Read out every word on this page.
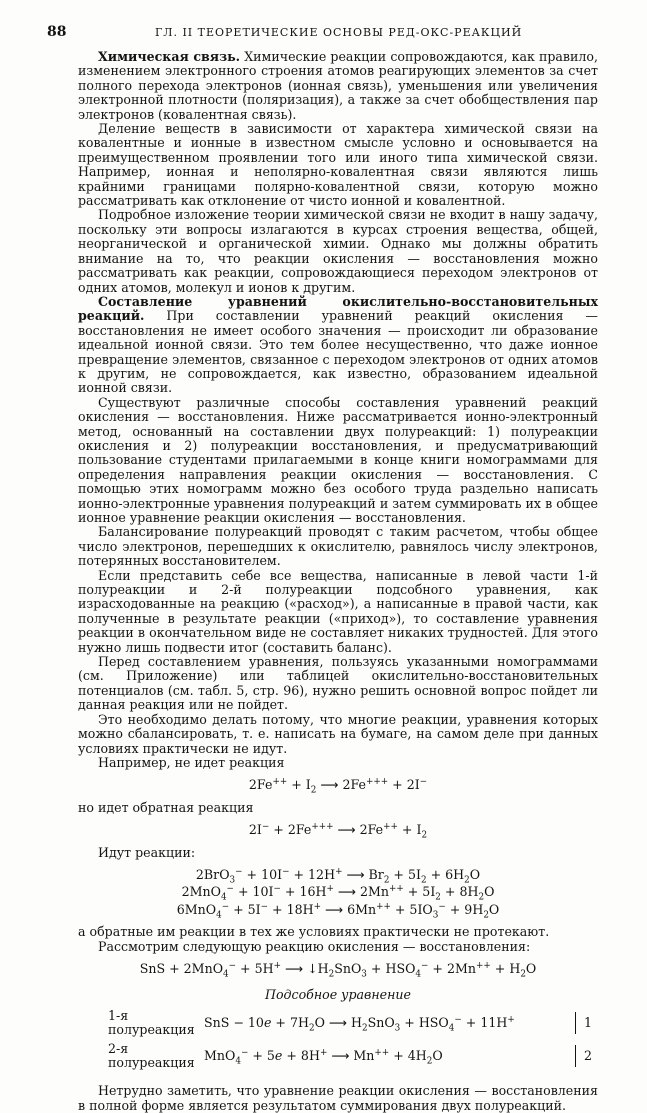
88	ГЛ. II ТЕОРЕТИЧЕСКИЕ ОСНОВЫ РЕД-ОКС-РЕАКЦИЙ

Химическая связь. Химические реакции сопровождаются, как правило, изменением электронного строения атомов реагирующих элементов за счет полного перехода электронов (ионная связь), уменьшения или увеличения электронной плотности (поляризация), а также за счет обобществления пар электронов (ковалентная связь).

Деление веществ в зависимости от характера химической связи на ковалентные и ионные в известном смысле условно и основывается на преимущественном проявлении того или иного типа химической связи. Например, ионная и неполярно-ковалентная связи являются лишь крайними границами полярно-ковалентной связи, которую можно рассматривать как отклонение от чисто ионной и ковалентной.

Подробное изложение теории химической связи не входит в нашу задачу, поскольку эти вопросы излагаются в курсах строения вещества, общей, неорганической и органической химии. Однако мы должны обратить внимание на то, что реакции окисления — восстановления можно рассматривать как реакции, сопровождающиеся переходом электронов от одних атомов, молекул и ионов к другим.

Составление уравнений окислительно-восстановительных реакций. При составлении уравнений реакций окисления — восстановления не имеет особого значения — происходит ли образование идеальной ионной связи. Это тем более несущественно, что даже ионное превращение элементов, связанное с переходом электронов от одних атомов к другим, не сопровождается, как известно, образованием идеальной ионной связи.

Существуют различные способы составления уравнений реакций окисления — восстановления. Ниже рассматривается ионно-электронный метод, основанный на составлении двух полуреакций: 1) полуреакции окисления и 2) полуреакции восстановления, и предусматривающий пользование студентами прилагаемыми в конце книги номограммами для определения направления реакции окисления — восстановления. С помощью этих номограмм можно без особого труда раздельно написать ионно-электронные уравнения полуреакций и затем суммировать их в общее ионное уравнение реакции окисления — восстановления.

Балансирование полуреакций проводят с таким расчетом, чтобы общее число электронов, перешедших к окислителю, равнялось числу электронов, потерянных восстановителем.

Если представить себе все вещества, написанные в левой части 1-й полуреакции и 2-й полуреакции подсобного уравнения, как израсходованные на реакцию («расход»), а написанные в правой части, как полученные в результате реакции («приход»), то составление уравнения реакции в окончательном виде не составляет никаких трудностей. Для этого нужно лишь подвести итог (составить баланс).

Перед составлением уравнения, пользуясь указанными номограммами (см. Приложение) или таблицей окислительно-восстановительных потенциалов (см. табл. 5, стр. 96), нужно решить основной вопрос пойдет ли данная реакция или не пойдет.

Это необходимо делать потому, что многие реакции, уравнения которых можно сбалансировать, т. е. написать на бумаге, на самом деле при данных условиях практически не идут.

Например, не идет реакция

$2Fe^{++} + I_2$ ⟶ 2Fe+++ + 2I−

но идет обратная реакция

2I− + 2Fe+++ ⟶ $2Fe^{++} + I_2$

Идут реакции:

2BrO$_3$− + 10I− + 12H+ ⟶ $Br_2 + 5I_2 + 6H_2O$
2MnO$_4$− + 10I− + 16H+ ⟶ $2Mn^{++} + 5I_2 + 8H_2O$
6MnO$_4$− + 5I− + 18H+ ⟶ $6Mn^{++} + 5IO_3^- + 9H_2O$

а обратные им реакции в тех же условиях практически не протекают.

Рассмотрим следующую реакцию окисления — восстановления:

SnS + 2MnO$_4$− + 5H+ ⟶ $↓H_2SnO_3 + HSO_4^- + 2Mn^{++} + H_2O$
Подсобное уравнение
1-я полуреакция SnS − $10e + 7H_2O$ ⟶ $H_2SnO_3 + HSO_4^- + 11H^+$	1
2-я полуреакция MnO$_4$− + 5e + 8H+ ⟶ $Mn^{++} + 4H_2O$	2

Нетрудно заметить, что уравнение реакции окисления — восстановления в полной форме является результатом суммирования двух полуреакций.
